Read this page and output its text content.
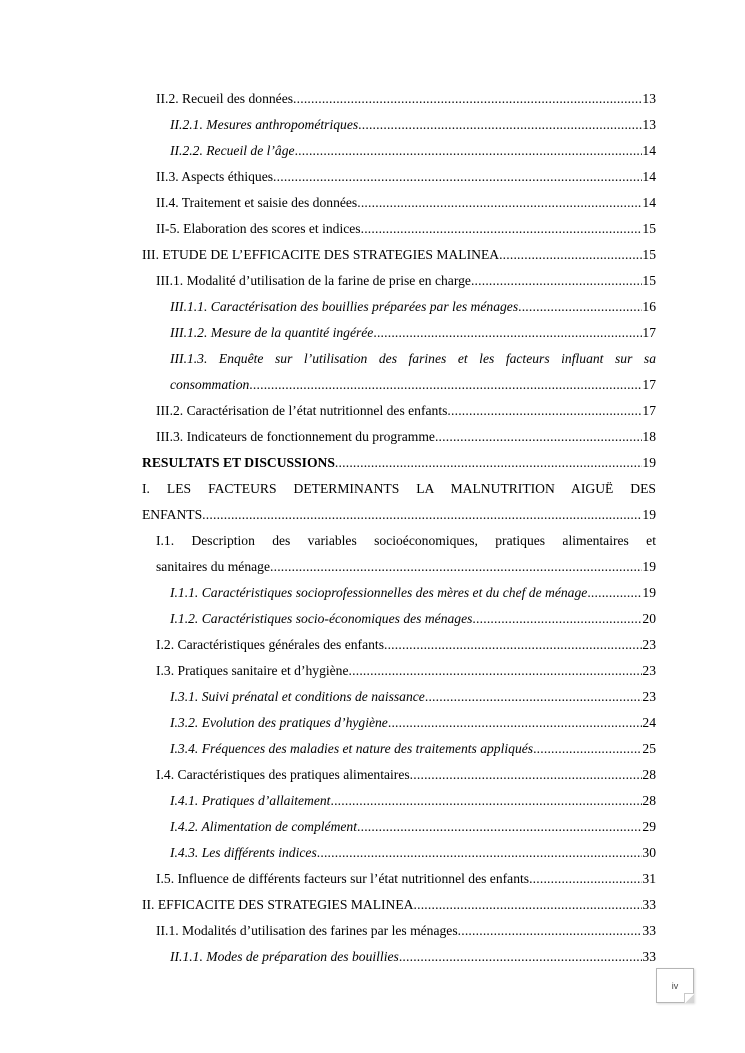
II.2. Recueil des données .....	13
II.2.1. Mesures anthropométriques .....	13
II.2.2. Recueil de l’âge .....	14
II.3. Aspects éthiques .....	14
II.4. Traitement et saisie des données .....	14
II-5. Elaboration des scores et indices .....	15
III. ETUDE DE L’EFFICACITE DES STRATEGIES MALINEA .....	15
III.1. Modalité d’utilisation de la farine de prise en charge .....	15
III.1.1. Caractérisation des bouillies préparées par les ménages .....	16
III.1.2. Mesure de la quantité ingérée .....	17
III.1.3. Enquête sur l’utilisation des farines et les facteurs influant sur sa
consommation .....	17
III.2. Caractérisation de l’état nutritionnel des enfants .....	17
III.3. Indicateurs de fonctionnement du programme .....	18
RESULTATS ET DISCUSSIONS .....	19
I. LES FACTEURS DETERMINANTS LA MALNUTRITION AIGUË DES
ENFANTS .....	19
I.1. Description des variables socioéconomiques, pratiques alimentaires et
sanitaires du ménage .....	19
I.1.1. Caractéristiques socioprofessionnelles des mères et du chef de ménage .....	19
I.1.2. Caractéristiques socio-économiques des ménages .....	20
I.2. Caractéristiques générales des enfants .....	23
I.3. Pratiques sanitaire et d’hygiène .....	23
I.3.1. Suivi prénatal et conditions de naissance .....	23
I.3.2. Evolution des pratiques d’hygiène .....	24
I.3.4. Fréquences des maladies et nature des traitements appliqués .....	25
I.4. Caractéristiques des pratiques alimentaires .....	28
I.4.1. Pratiques d’allaitement .....	28
I.4.2. Alimentation de complément .....	29
I.4.3. Les différents indices .....	30
I.5. Influence de différents facteurs sur l’état nutritionnel des enfants .....	31
II. EFFICACITE DES STRATEGIES MALINEA .....	33
II.1. Modalités d’utilisation des farines par les ménages .....	33
II.1.1. Modes de préparation des bouillies .....	33
iv
